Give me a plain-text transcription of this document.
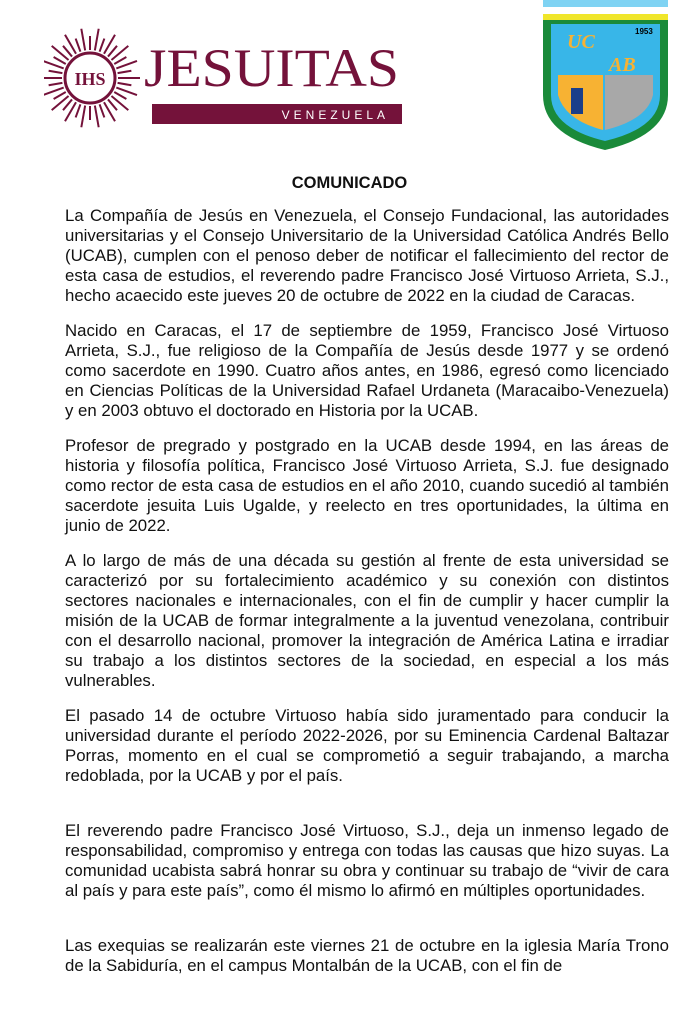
IHS JESUITAS
VENEZUELA
UC
AB
1953
COMUNICADO

La Compañía de Jesús en Venezuela, el Consejo Fundacional, las autoridades universitarias y el Consejo Universitario de la Universidad Católica Andrés Bello (UCAB), cumplen con el penoso deber de notificar el fallecimiento del rector de esta casa de estudios, el reverendo padre Francisco José Virtuoso Arrieta, S.J., hecho acaecido este jueves 20 de octubre de 2022 en la ciudad de Caracas.

Nacido en Caracas, el 17 de septiembre de 1959, Francisco José Virtuoso Arrieta, S.J., fue religioso de la Compañía de Jesús desde 1977 y se ordenó como sacerdote en 1990. Cuatro años antes, en 1986, egresó como licenciado en Ciencias Políticas de la Universidad Rafael Urdaneta (Maracaibo-Venezuela) y en 2003 obtuvo el doctorado en Historia por la UCAB.

Profesor de pregrado y postgrado en la UCAB desde 1994, en las áreas de historia y filosofía política, Francisco José Virtuoso Arrieta, S.J. fue designado como rector de esta casa de estudios en el año 2010, cuando sucedió al también sacerdote jesuita Luis Ugalde, y reelecto en tres oportunidades, la última en junio de 2022.

A lo largo de más de una década su gestión al frente de esta universidad se caracterizó por su fortalecimiento académico y su conexión con distintos sectores nacionales e internacionales, con el fin de cumplir y hacer cumplir la misión de la UCAB de formar integralmente a la juventud venezolana, contribuir con el desarrollo nacional, promover la integración de América Latina e irradiar su trabajo a los distintos sectores de la sociedad, en especial a los más vulnerables.

El pasado 14 de octubre Virtuoso había sido juramentado para conducir la universidad durante el período 2022-2026, por su Eminencia Cardenal Baltazar Porras, momento en el cual se comprometió a seguir trabajando, a marcha redoblada, por la UCAB y por el país.

El reverendo padre Francisco José Virtuoso, S.J., deja un inmenso legado de responsabilidad, compromiso y entrega con todas las causas que hizo suyas. La comunidad ucabista sabrá honrar su obra y continuar su trabajo de “vivir de cara al país y para este país”, como él mismo lo afirmó en múltiples oportunidades.

Las exequias se realizarán este viernes 21 de octubre en la iglesia María Trono de la Sabiduría, en el campus Montalbán de la UCAB, con el fin de
